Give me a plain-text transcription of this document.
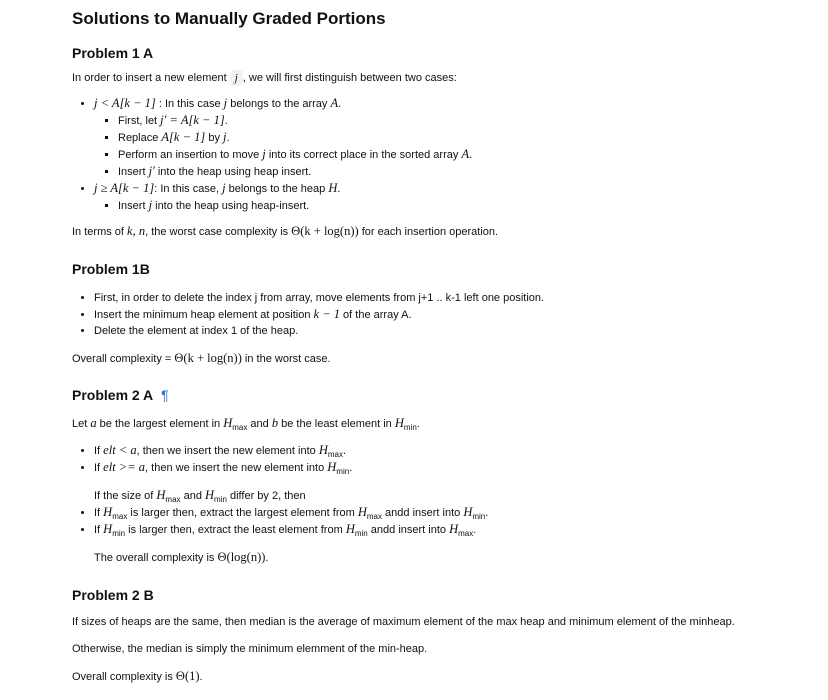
Solutions to Manually Graded Portions
Problem 1 A

In order to insert a new element j , we will first distinguish between two cases:

• j < A[k − 1] : In this case j belongs to the array A.
▪ First, let j′ = A[k − 1].
▪ Replace A[k − 1] by j.
▪ Perform an insertion to move j into its correct place in the sorted array A.
▪ Insert j′ into the heap using heap insert.
• j ≥ A[k − 1]: In this case, j belongs to the heap H.
▪ Insert j into the heap using heap-insert.

In terms of k, n, the worst case complexity is Θ(k + log(n)) for each insertion operation.

Problem 1B
• First, in order to delete the index j from array, move elements from j+1 .. k-1 left one position.
• Insert the minimum heap element at position k − 1 of the array A.
• Delete the element at index 1 of the heap.

Overall complexity = Θ(k + log(n)) in the worst case.

Problem 2 A ¶

Let a be the largest element in $H_{max}$ and b be the least element in $H_{min}$.

• If elt < a, then we insert the new element into $H_{max}$.
• If elt >= a, then we insert the new element into $H_{min}$.

If the size of $H_{max}$ and $H_{min}$ differ by 2, then

• If $H_{max}$ is larger then, extract the largest element from $H_{max}$ andd insert into $H_{min}$.
• If $H_{min}$ is larger then, extract the least element from $H_{min}$ andd insert into $H_{max}$.

The overall complexity is Θ(log(n)).

Problem 2 B

If sizes of heaps are the same, then median is the average of maximum element of the max heap and minimum element of the minheap.

Otherwise, the median is simply the minimum elemment of the min-heap.

Overall complexity is Θ(1).
